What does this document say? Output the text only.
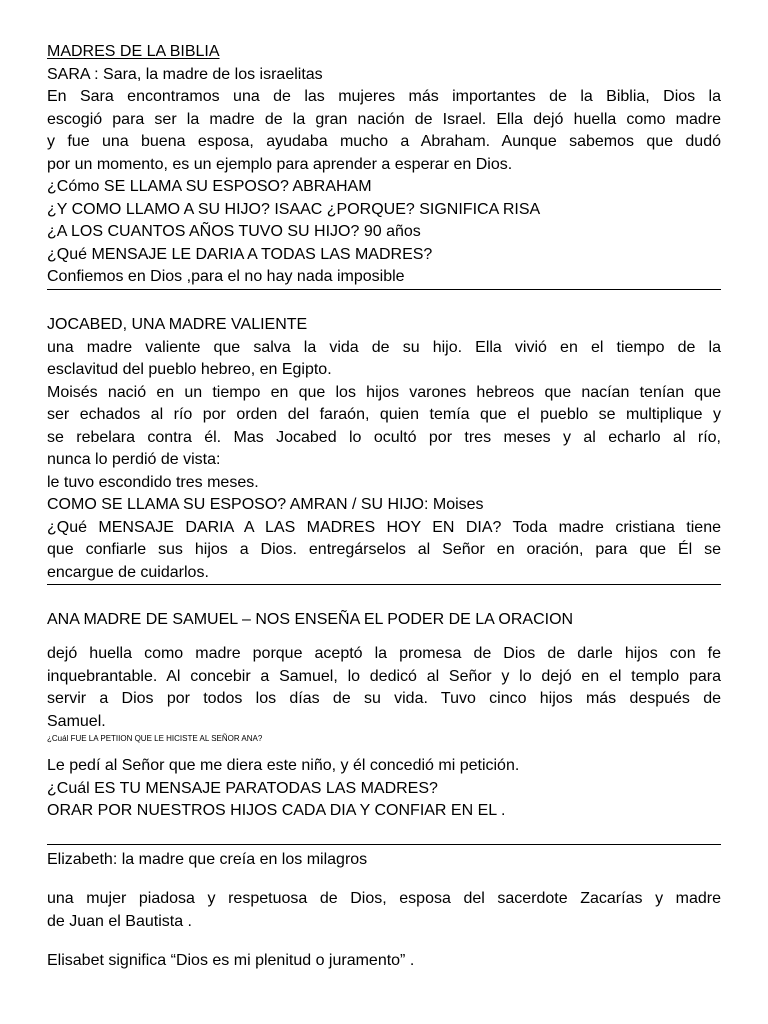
MADRES DE LA BIBLIA
SARA : Sara, la madre de los israelitas
En Sara encontramos una de las mujeres más importantes de la Biblia, Dios la
escogió para ser la madre de la gran nación de Israel. Ella dejó huella como madre
y fue una buena esposa, ayudaba mucho a Abraham. Aunque sabemos que dudó
por un momento, es un ejemplo para aprender a esperar en Dios.
¿Cómo SE LLAMA SU ESPOSO? ABRAHAM
¿Y COMO LLAMO A SU HIJO? ISAAC ¿PORQUE? SIGNIFICA RISA
¿A LOS CUANTOS AÑOS TUVO SU HIJO? 90 años
¿Qué MENSAJE LE DARIA A TODAS LAS MADRES?
Confiemos en Dios ,para el no hay nada imposible
JOCABED, UNA MADRE VALIENTE
una madre valiente que salva la vida de su hijo. Ella vivió en el tiempo de la
esclavitud del pueblo hebreo, en Egipto.
Moisés nació en un tiempo en que los hijos varones hebreos que nacían tenían que
ser echados al río por orden del faraón, quien temía que el pueblo se multiplique y
se rebelara contra él. Mas Jocabed lo ocultó por tres meses y al echarlo al río,
nunca lo perdió de vista:
le tuvo escondido tres meses.
COMO SE LLAMA SU ESPOSO? AMRAN / SU HIJO: Moises
¿Qué MENSAJE DARIA A LAS MADRES HOY EN DIA? Toda madre cristiana tiene
que confiarle sus hijos a Dios. entregárselos al Señor en oración, para que Él se
encargue de cuidarlos.
ANA MADRE DE SAMUEL – NOS ENSEÑA EL PODER DE LA ORACION
dejó huella como madre porque aceptó la promesa de Dios de darle hijos con fe
inquebrantable. Al concebir a Samuel, lo dedicó al Señor y lo dejó en el templo para
servir a Dios por todos los días de su vida. Tuvo cinco hijos más después de
Samuel.
¿Cuál FUE LA PETIION QUE LE HICISTE AL SEÑOR ANA?
Le pedí al Señor que me diera este niño, y él concedió mi petición.
¿Cuál ES TU MENSAJE PARATODAS LAS MADRES?
ORAR POR NUESTROS HIJOS CADA DIA Y CONFIAR EN EL .
Elizabeth: la madre que creía en los milagros
una mujer piadosa y respetuosa de Dios, esposa del sacerdote Zacarías y madre
de Juan el Bautista .
Elisabet significa “Dios es mi plenitud o juramento” .
